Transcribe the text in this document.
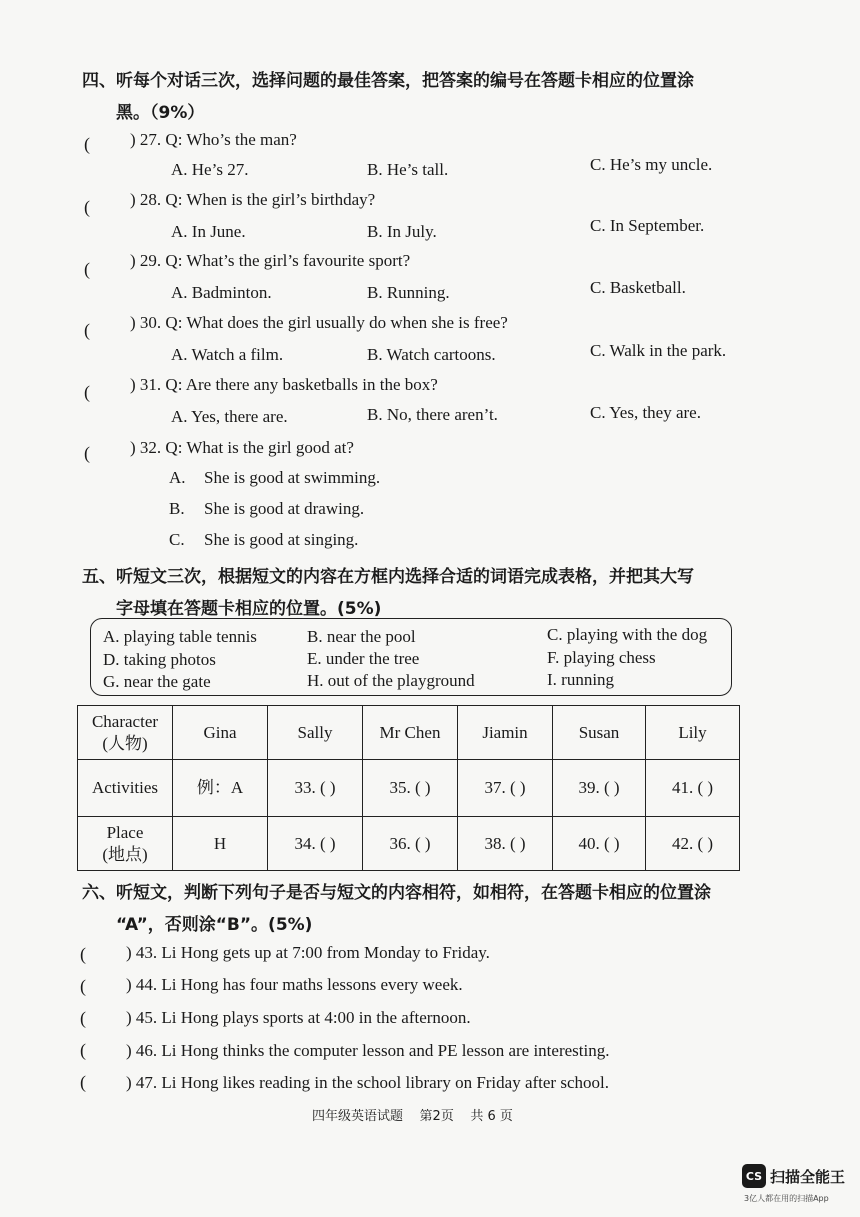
四、听每个对话三次，选择问题的最佳答案，把答案的编号在答题卡相应的位置涂
黑。（9%）
( ) 27. Q: Who’s the man?
A. He’s 27.	B. He’s tall.	C. He’s my uncle.
( ) 28. Q: When is the girl’s birthday?
A. In June.	B. In July.	C. In September.
( ) 29. Q: What’s the girl’s favourite sport?
A. Badminton.	B. Running.	C. Basketball.
( ) 30. Q: What does the girl usually do when she is free?
A. Watch a film.	B. Watch cartoons.	C. Walk in the park.
( ) 31. Q: Are there any basketballs in the box?
A. Yes, there are.	B. No, there aren’t.	C. Yes, they are.
( ) 32. Q: What is the girl good at?
A. She is good at swimming.
B. She is good at drawing.
C. She is good at singing.
五、听短文三次，根据短文的内容在方框内选择合适的词语完成表格，并把其大写
字母填在答题卡相应的位置。(5%)
A. playing table tennis	B. near the pool	C. playing with the dog
D. taking photos	E. under the tree	F. playing chess
G. near the gate	H. out of the playground	I. running
Character
(人物)	Gina	Sally	Mr Chen	Jiamin	Susan	Lily
Activities	例：A	33. ( )	35. ( )	37. ( )	39. ( )	41. ( )
Place
(地点)	H	34. ( )	36. ( )	38. ( )	40. ( )	42. ( )
六、听短文，判断下列句子是否与短文的内容相符，如相符，在答题卡相应的位置涂
“A”，否则涂“B”。(5%)
( ) 43. Li Hong gets up at 7:00 from Monday to Friday.
( ) 44. Li Hong has four maths lessons every week.
( ) 45. Li Hong plays sports at 4:00 in the afternoon.
( ) 46. Li Hong thinks the computer lesson and PE lesson are interesting.
( ) 47. Li Hong likes reading in the school library on Friday after school.
四年级英语试题 第2页 共 6 页
CS 扫描全能王
3亿人都在用的扫描App
